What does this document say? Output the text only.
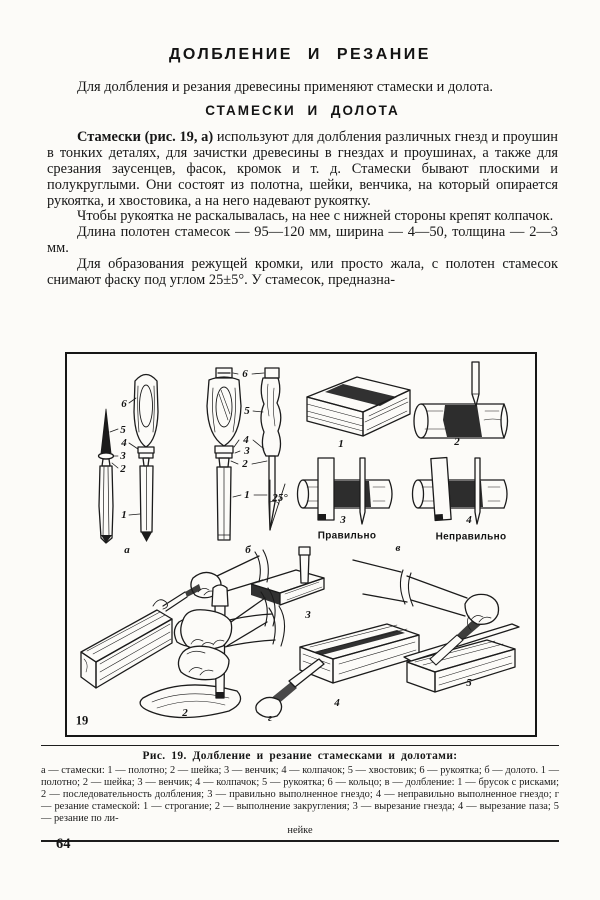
ДОЛБЛЕНИЕ И РЕЗАНИЕ

Для долбления и резания древесины применяют стамески и долота.

СТАМЕСКИ И ДОЛОТА

Стамески (рис. 19, а) используют для долбления различных гнезд и проушин в тонких деталях, для зачистки древесины в гнездах и проушинах, а также для срезания заусенцев, фасок, кромок и т. д. Стамески бывают плоскими и полукруглыми. Они состоят из полотна, шейки, венчика, на который опирается рукоятка, и хвостовика, а на него надевают рукоятку.

Чтобы рукоятка не раскалывалась, на нее с нижней стороны крепят колпачок.

Длина полотен стамесок — 95—120 мм, ширина — 4—50, толщина — 2—3 мм.

Для образования режущей кромки, или просто жала, с полотен стамесок снимают фаску под углом 25±5°. У стамесок, предназна-

6
5
4
3
2
1
а
6
5
4
3
2
1 25°
б
1	2
3
Правильно
4
Неправильно
в
3
2
4
5
г
19
Рис. 19. Долбление и резание стамесками и долотами:
а — стамески: 1 — полотно; 2 — шейка; 3 — венчик; 4 — колпачок; 5 — хвостовик; 6 — рукоятка; б — долото. 1 — полотно; 2 — шейка; 3 — венчик; 4 — колпачок; 5 — рукоятка; 6 — кольцо; в — долбление: 1 — брусок с рисками; 2 — последовательность долбления; 3 — правильно выполненное гнездо; 4 — неправильно выполненное гнездо; г — резание стамеской: 1 — строгание; 2 — выполнение закругления; 3 — вырезание гнезда; 4 — вырезание паза; 5 — резание по ли-
нейке
64
